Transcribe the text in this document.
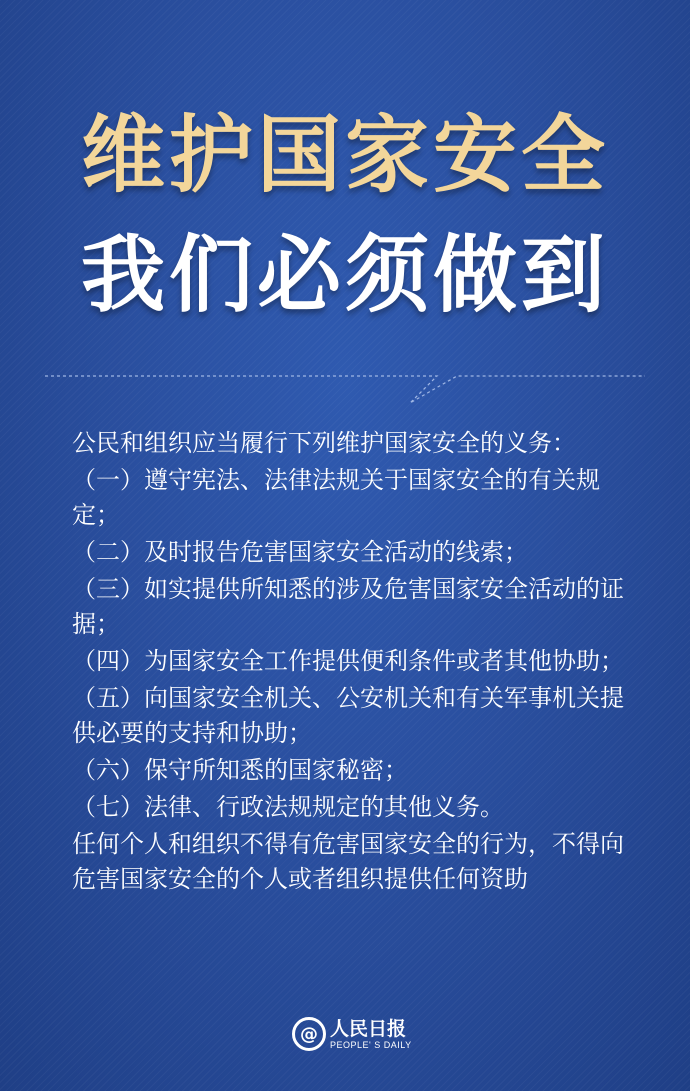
维护国家安全
我们必须做到

公民和组织应当履行下列维护国家安全的义务：

（一）遵守宪法、法律法规关于国家安全的有关规定；
（二）及时报告危害国家安全活动的线索；
（三）如实提供所知悉的涉及危害国家安全活动的证据；
（四）为国家安全工作提供便利条件或者其他协助；
（五）向国家安全机关、公安机关和有关军事机关提供必要的支持和协助；
（六）保守所知悉的国家秘密；
（七）法律、行政法规规定的其他义务。

任何个人和组织不得有危害国家安全的行为，不得向危害国家安全的个人或者组织提供任何资助

@ 人民日报
PEOPLE' S DAILY
